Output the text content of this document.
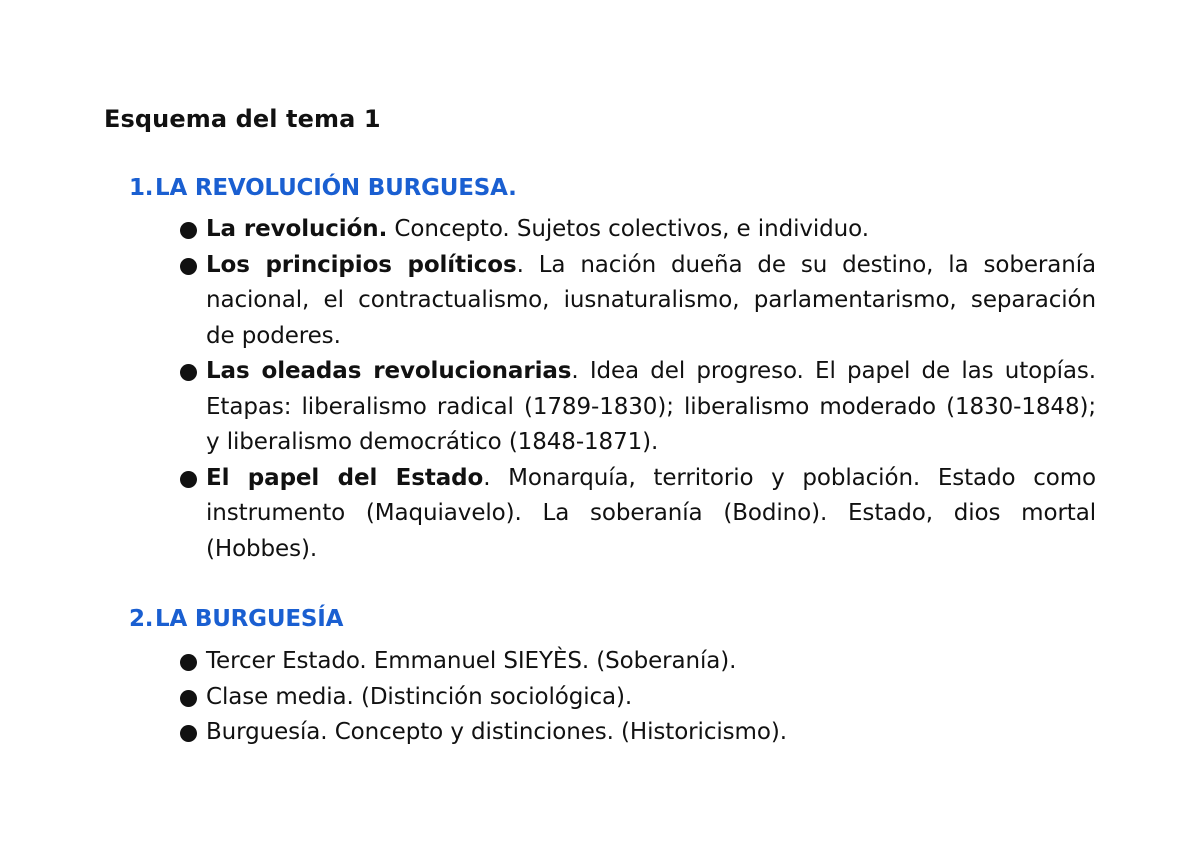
Esquema del tema 1
1.LA REVOLUCIÓN BURGUESA.
La revolución. Concepto. Sujetos colectivos, e individuo.
Los principios políticos. La nación dueña de su destino, la soberanía nacional, el contractualismo, iusnaturalismo, parlamentarismo, separación de poderes.
Las oleadas revolucionarias. Idea del progreso. El papel de las utopías. Etapas: liberalismo radical (1789-1830); liberalismo moderado (1830-1848); y liberalismo democrático (1848-1871).
El papel del Estado. Monarquía, territorio y población. Estado como instrumento (Maquiavelo). La soberanía (Bodino). Estado, dios mortal (Hobbes).
2.LA BURGUESÍA
Tercer Estado. Emmanuel SIEYÈS. (Soberanía).
Clase media. (Distinción sociológica).
Burguesía. Concepto y distinciones. (Historicismo).
